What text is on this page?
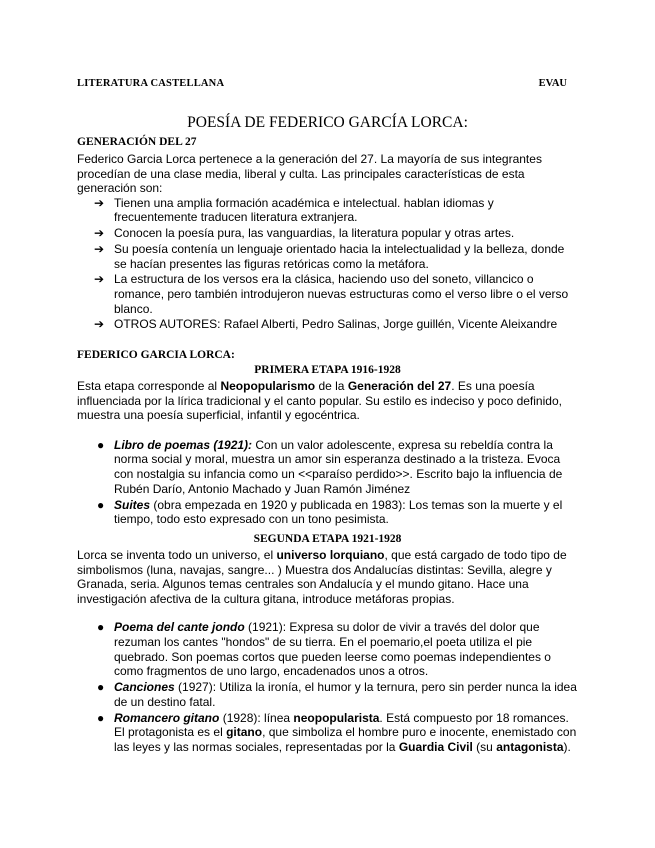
LITERATURA CASTELLANA	EVAU
POESÍA DE FEDERICO GARCÍA LORCA:
GENERACIÓN DEL 27

Federico Garcia Lorca pertenece a la generación del 27. La mayoría de sus integrantes procedían de una clase media, liberal y culta. Las principales características de esta generación son:

➔ Tienen una amplia formación académica e intelectual. hablan idiomas y frecuentemente traducen literatura extranjera.
➔ Conocen la poesía pura, las vanguardias, la literatura popular y otras artes.
➔ Su poesía contenía un lenguaje orientado hacia la intelectualidad y la belleza, donde se hacían presentes las figuras retóricas como la metáfora.
➔ La estructura de los versos era la clásica, haciendo uso del soneto, villancico o romance, pero también introdujeron nuevas estructuras como el verso libre o el verso blanco.
➔ OTROS AUTORES: Rafael Alberti, Pedro Salinas, Jorge guillén, Vicente Aleixandre
FEDERICO GARCIA LORCA:
PRIMERA ETAPA 1916-1928

Esta etapa corresponde al Neopopularismo de la Generación del 27. Es una poesía influenciada por la lírica tradicional y el canto popular. Su estilo es indeciso y poco definido, muestra una poesía superficial, infantil y egocéntrica.

● Libro de poemas (1921): Con un valor adolescente, expresa su rebeldía contra la norma social y moral, muestra un amor sin esperanza destinado a la tristeza. Evoca con nostalgia su infancia como un <<paraíso perdido>>. Escrito bajo la influencia de Rubén Darío, Antonio Machado y Juan Ramón Jiménez
● Suites (obra empezada en 1920 y publicada en 1983): Los temas son la muerte y el tiempo, todo esto expresado con un tono pesimista.
SEGUNDA ETAPA 1921-1928

Lorca se inventa todo un universo, el universo lorquiano, que está cargado de todo tipo de simbolismos (luna, navajas, sangre... ) Muestra dos Andalucías distintas: Sevilla, alegre y Granada, seria. Algunos temas centrales son Andalucía y el mundo gitano. Hace una investigación afectiva de la cultura gitana, introduce metáforas propias.

● Poema del cante jondo (1921): Expresa su dolor de vivir a través del dolor que rezuman los cantes "hondos" de su tierra. En el poemario,el poeta utiliza el pie quebrado. Son poemas cortos que pueden leerse como poemas independientes o como fragmentos de uno largo, encadenados unos a otros.
● Canciones (1927): Utiliza la ironía, el humor y la ternura, pero sin perder nunca la idea de un destino fatal.
● Romancero gitano (1928): línea neopopularista. Está compuesto por 18 romances. El protagonista es el gitano, que simboliza el hombre puro e inocente, enemistado con las leyes y las normas sociales, representadas por la Guardia Civil (su antagonista).
